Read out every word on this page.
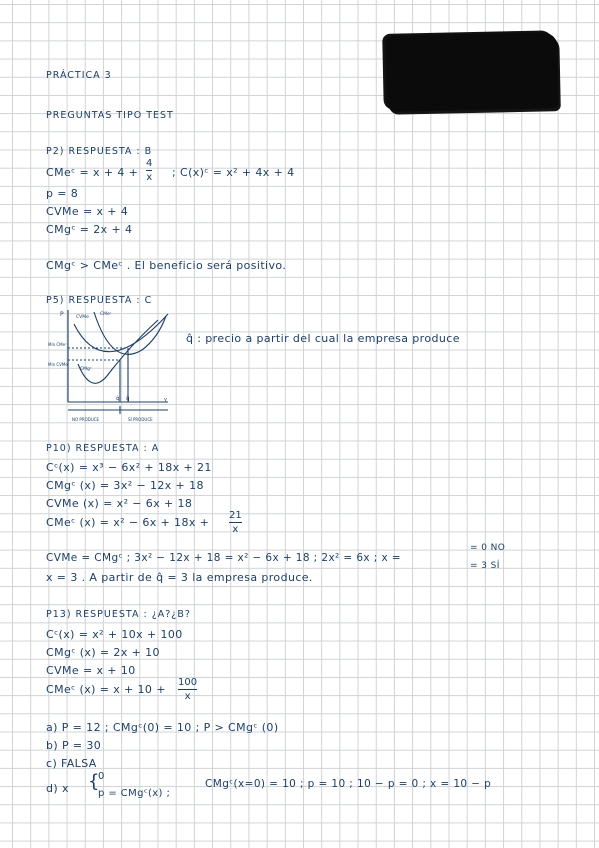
PRÁCTICA 3
PREGUNTAS TIPO TEST
P2) RESPUESTA : B
CMeᶜ = x + 4 +
4
x ; C(x)ᶜ = x² + 4x + 4
p = 8
CVMe = x + 4
CMgᶜ = 2x + 4
CMgᶜ > CMeᶜ . El beneficio será positivo.
P5) RESPUESTA : C
P	CVMe
CMeᶜ
Mín CMeᶜ
Mín CVMe
CMgᶜ
q̂ q̃	y
NO PRODUCE	SÍ PRODUCE
q̂ : precio a partir del cual la empresa produce
P10) RESPUESTA : A
Cᶜ(x) = x³ − 6x² + 18x + 21
CMgᶜ (x) = 3x² − 12x + 18
CVMe (x) = x² − 6x + 18
CMeᶜ (x) = x² − 6x + 18x +
21
x
CVMe = CMgᶜ ; 3x² − 12x + 18 = x² − 6x + 18 ; 2x² = 6x ; x =
= 0 NO
= 3 SÍ
x = 3 . A partir de q̂ = 3 la empresa produce.
P13) RESPUESTA : ¿A?¿B?
Cᶜ(x) = x² + 10x + 100
CMgᶜ (x) = 2x + 10
CVMe = x + 10
CMeᶜ (x) = x + 10 +
100
x
a) P = 12 ; CMgᶜ(0) = 10 ; P > CMgᶜ (0)
b) P = 30
c) FALSA
d) x {
0
p = CMgᶜ(x) ;
CMgᶜ(x=0) = 10 ; p = 10 ; 10 − p = 0 ; x = 10 − p
